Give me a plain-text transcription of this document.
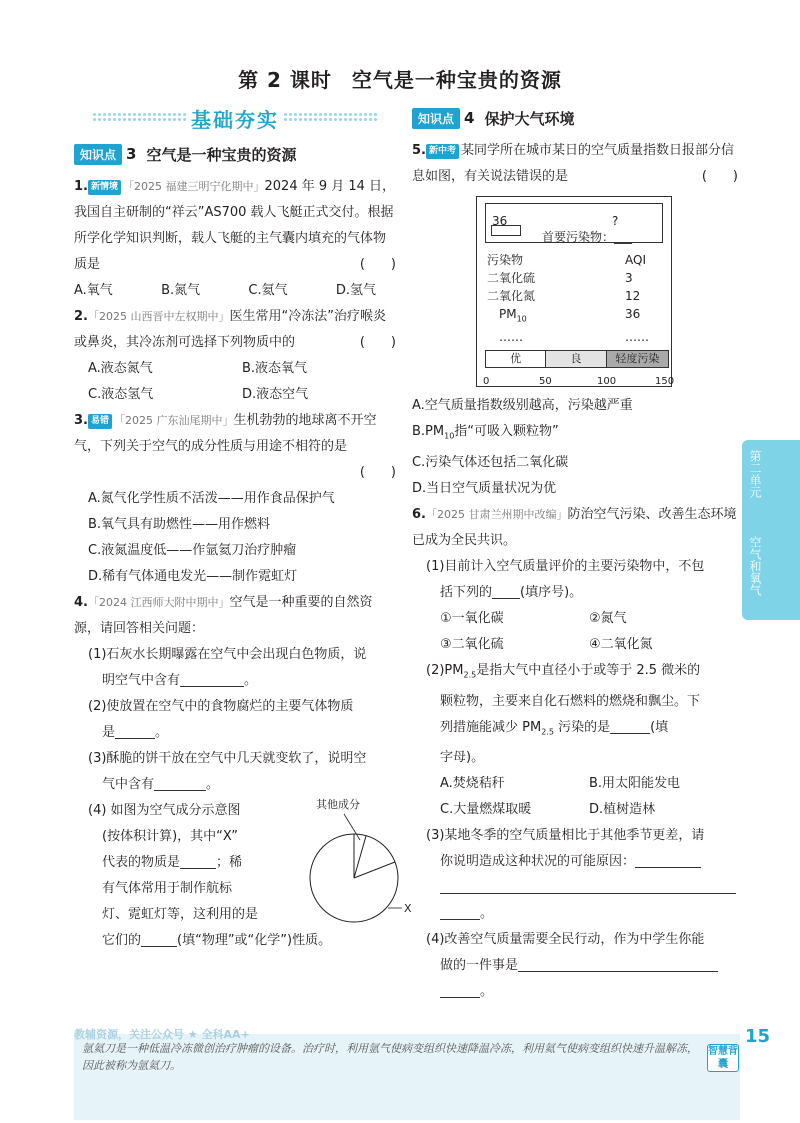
第 2 课时 空气是一种宝贵的资源
基础夯实
知识点 3 空气是一种宝贵的资源
1. 新情境 「2025 福建三明宁化期中」2024 年 9 月 14 日，我国自主研制的“祥云”AS700 载人飞艇正式交付。根据所学化学知识判断，载人飞艇的主气囊内填充的气体物质是	(　　)
A.氧气	B.氮气	C.氦气	D.氢气
2.「2025 山西晋中左权期中」医生常用“冷冻法”治疗喉炎或鼻炎，其冷冻剂可选择下列物质中的	(　　)
A.液态氮气	B.液态氧气
C.液态氢气	D.液态空气
3. 易错 「2025 广东汕尾期中」生机勃勃的地球离不开空气，下列关于空气的成分性质与用途不相符的是
(　　)
A.氮气化学性质不活泼——用作食品保护气
B.氧气具有助燃性——用作燃料
C.液氮温度低——作氩氦刀治疗肿瘤
D.稀有气体通电发光——制作霓虹灯
4.「2024 江西师大附中期中」空气是一种重要的自然资源，请回答相关问题：
(1)石灰水长期曝露在空气中会出现白色物质，说
明空气中含有	。
(2)使放置在空气中的食物腐烂的主要气体物质
是	。
(3)酥脆的饼干放在空气中几天就变软了，说明空
气中含有	。
(4) 如图为空气成分示意图
(按体积计算)，其中“X”
代表的物质是	；稀
有气体常用于制作航标
灯、霓虹灯等，这利用的是
它们的	(填“物理”或“化学”)性质。
其他成分
X
知识点 4 保护大气环境
5. 新中考 某同学所在城市某日的空气质量指数日报部分信息如图，有关说法错误的是	(　　)
36	?
首要污染物：___
污染物	AQI
二氧化硫	3
二氧化氮	12
$PM_{10}$	36
……	……
优	良	轻度污染
0	50	100	150
A.空气质量指数级别越高，污染越严重
$B.PM_{10}$指“可吸入颗粒物”
C.污染气体还包括二氧化碳
D.当日空气质量状况为优
6.「2025 甘肃兰州期中改编」防治空气污染、改善生态环境已成为全民共识。
(1)目前计入空气质量评价的主要污染物中，不包
括下列的 (填序号)。
①一氧化碳	②氮气
③二氧化硫	④二氧化氮
$(2)PM_{2.5}$是指大气中直径小于或等于 2.5 微米的
颗粒物，主要来自化石燃料的燃烧和飘尘。下
列措施能减少 $PM_{2.5}$ 污染的是	(填
字母)。
A.焚烧秸秆	B.用太阳能发电
C.大量燃煤取暖	D.植树造林
(3)某地冬季的空气质量相比于其他季节更差，请
你说明造成这种状况的可能原因：
。
(4)改善空气质量需要全民行动，作为中学生你能
做的一件事是
。
第二单元
空气和氧气
教辅资源，关注公众号 ★ 全科AA+	15
智慧背囊
氩氦刀是一种低温冷冻微创治疗肿瘤的设备。治疗时，利用氩气使病变组织快速降温冷冻，利用氦气使病变组织快速升温解冻，因此被称为氩氦刀。
